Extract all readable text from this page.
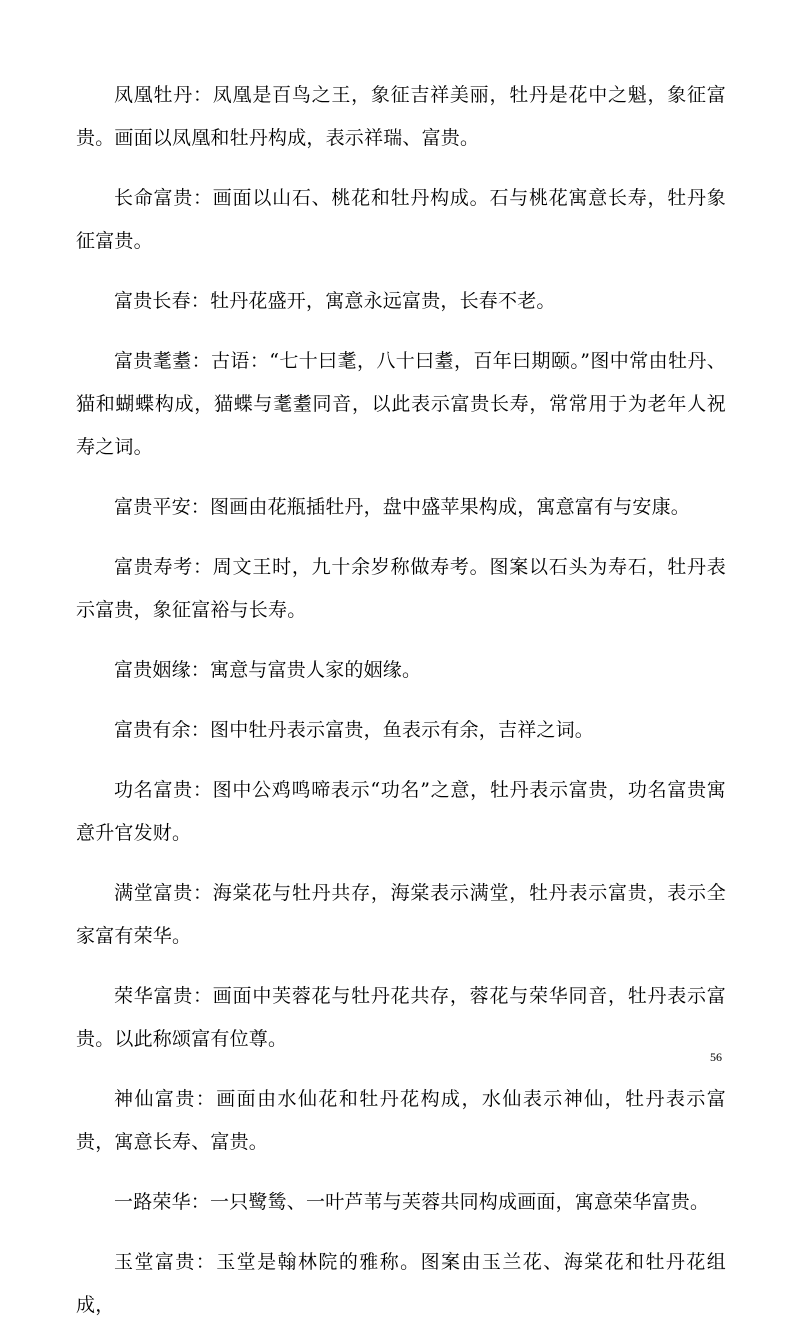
凤凰牡丹：凤凰是百鸟之王，象征吉祥美丽，牡丹是花中之魁，象征富贵。画面以凤凰和牡丹构成，表示祥瑞、富贵。

长命富贵：画面以山石、桃花和牡丹构成。石与桃花寓意长寿，牡丹象征富贵。

富贵长春：牡丹花盛开，寓意永远富贵，长春不老。

富贵耄耋：古语：“七十曰耄，八十曰耋，百年曰期颐。”图中常由牡丹、猫和蝴蝶构成，猫蝶与耄耋同音，以此表示富贵长寿，常常用于为老年人祝寿之词。

富贵平安：图画由花瓶插牡丹，盘中盛苹果构成，寓意富有与安康。

富贵寿考：周文王时，九十余岁称做寿考。图案以石头为寿石，牡丹表示富贵，象征富裕与长寿。

富贵姻缘：寓意与富贵人家的姻缘。

富贵有余：图中牡丹表示富贵，鱼表示有余，吉祥之词。

功名富贵：图中公鸡鸣啼表示“功名”之意，牡丹表示富贵，功名富贵寓意升官发财。

满堂富贵：海棠花与牡丹共存，海棠表示满堂，牡丹表示富贵，表示全家富有荣华。

荣华富贵：画面中芙蓉花与牡丹花共存，蓉花与荣华同音，牡丹表示富贵。以此称颂富有位尊。

神仙富贵：画面由水仙花和牡丹花构成，水仙表示神仙，牡丹表示富贵，寓意长寿、富贵。

一路荣华：一只鹭鸶、一叶芦苇与芙蓉共同构成画面，寓意荣华富贵。

玉堂富贵：玉堂是翰林院的雅称。图案由玉兰花、海棠花和牡丹花组成，

56
